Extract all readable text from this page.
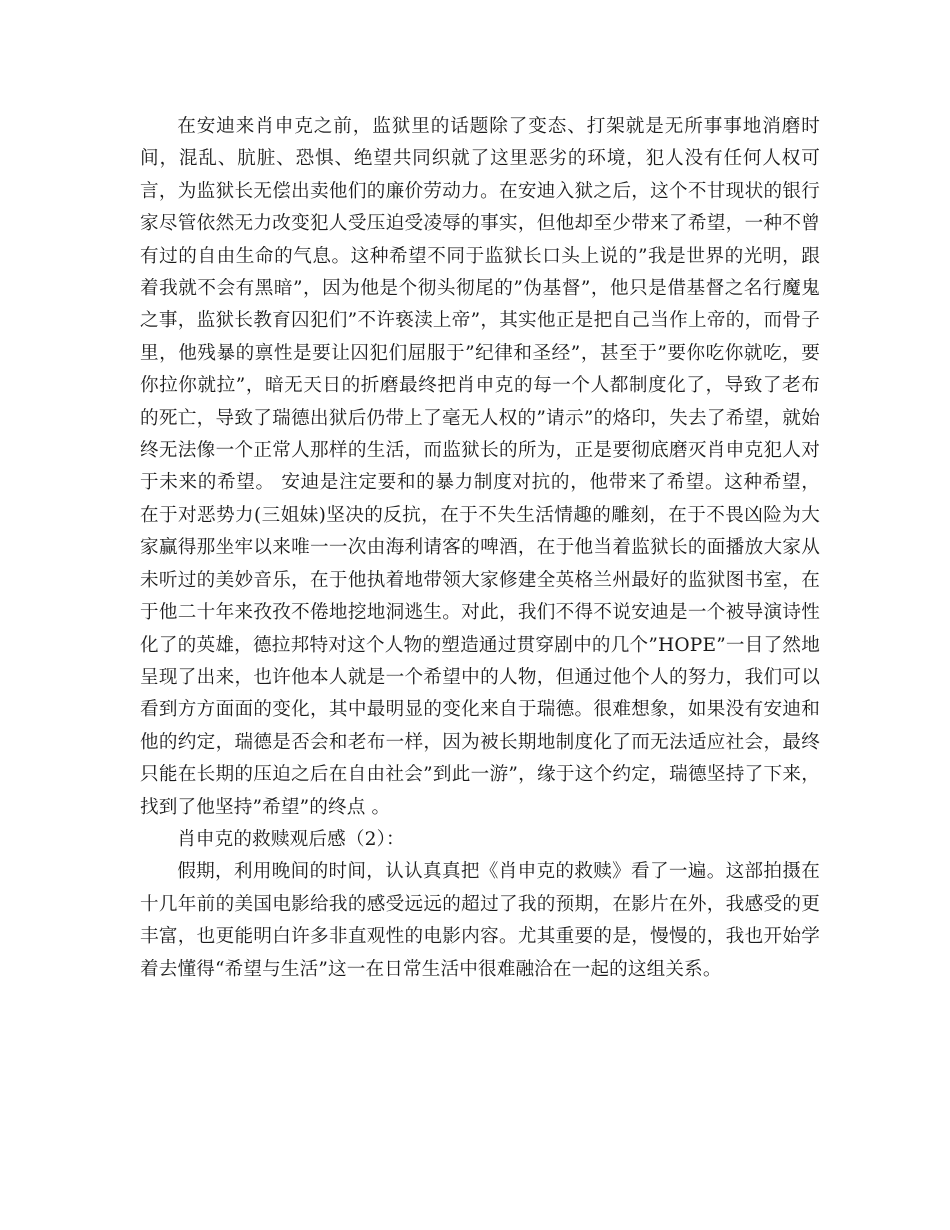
在安迪来肖申克之前，监狱里的话题除了变态、打架就是无所事事地消磨时间，混乱、肮脏、恐惧、绝望共同织就了这里恶劣的环境，犯人没有任何人权可言，为监狱长无偿出卖他们的廉价劳动力。在安迪入狱之后，这个不甘现状的银行家尽管依然无力改变犯人受压迫受凌辱的事实，但他却至少带来了希望，一种不曾有过的自由生命的气息。这种希望不同于监狱长口头上说的”我是世界的光明，跟着我就不会有黑暗”，因为他是个彻头彻尾的”伪基督”，他只是借基督之名行魔鬼之事，监狱长教育囚犯们”不许亵渎上帝”，其实他正是把自己当作上帝的，而骨子里，他残暴的禀性是要让囚犯们屈服于”纪律和圣经”，甚至于”要你吃你就吃，要你拉你就拉”，暗无天日的折磨最终把肖申克的每一个人都制度化了，导致了老布的死亡，导致了瑞德出狱后仍带上了毫无人权的”请示”的烙印，失去了希望，就始终无法像一个正常人那样的生活，而监狱长的所为，正是要彻底磨灭肖申克犯人对于未来的希望。 安迪是注定要和的暴力制度对抗的，他带来了希望。这种希望，在于对恶势力(三姐妹)坚决的反抗，在于不失生活情趣的雕刻，在于不畏凶险为大家赢得那坐牢以来唯一一次由海利请客的啤酒，在于他当着监狱长的面播放大家从未听过的美妙音乐，在于他执着地带领大家修建全英格兰州最好的监狱图书室，在于他二十年来孜孜不倦地挖地洞逃生。对此，我们不得不说安迪是一个被导演诗性化了的英雄，德拉邦特对这个人物的塑造通过贯穿剧中的几个”HOPE”一目了然地呈现了出来，也许他本人就是一个希望中的人物，但通过他个人的努力，我们可以看到方方面面的变化，其中最明显的变化来自于瑞德。很难想象，如果没有安迪和他的约定，瑞德是否会和老布一样，因为被长期地制度化了而无法适应社会，最终只能在长期的压迫之后在自由社会”到此一游”，缘于这个约定，瑞德坚持了下来，找到了他坚持”希望”的终点 。

肖申克的救赎观后感（2）：

假期，利用晚间的时间，认认真真把《肖申克的救赎》看了一遍。这部拍摄在十几年前的美国电影给我的感受远远的超过了我的预期，在影片在外，我感受的更丰富，也更能明白许多非直观性的电影内容。尤其重要的是，慢慢的，我也开始学着去懂得“希望与生活”这一在日常生活中很难融洽在一起的这组关系。
